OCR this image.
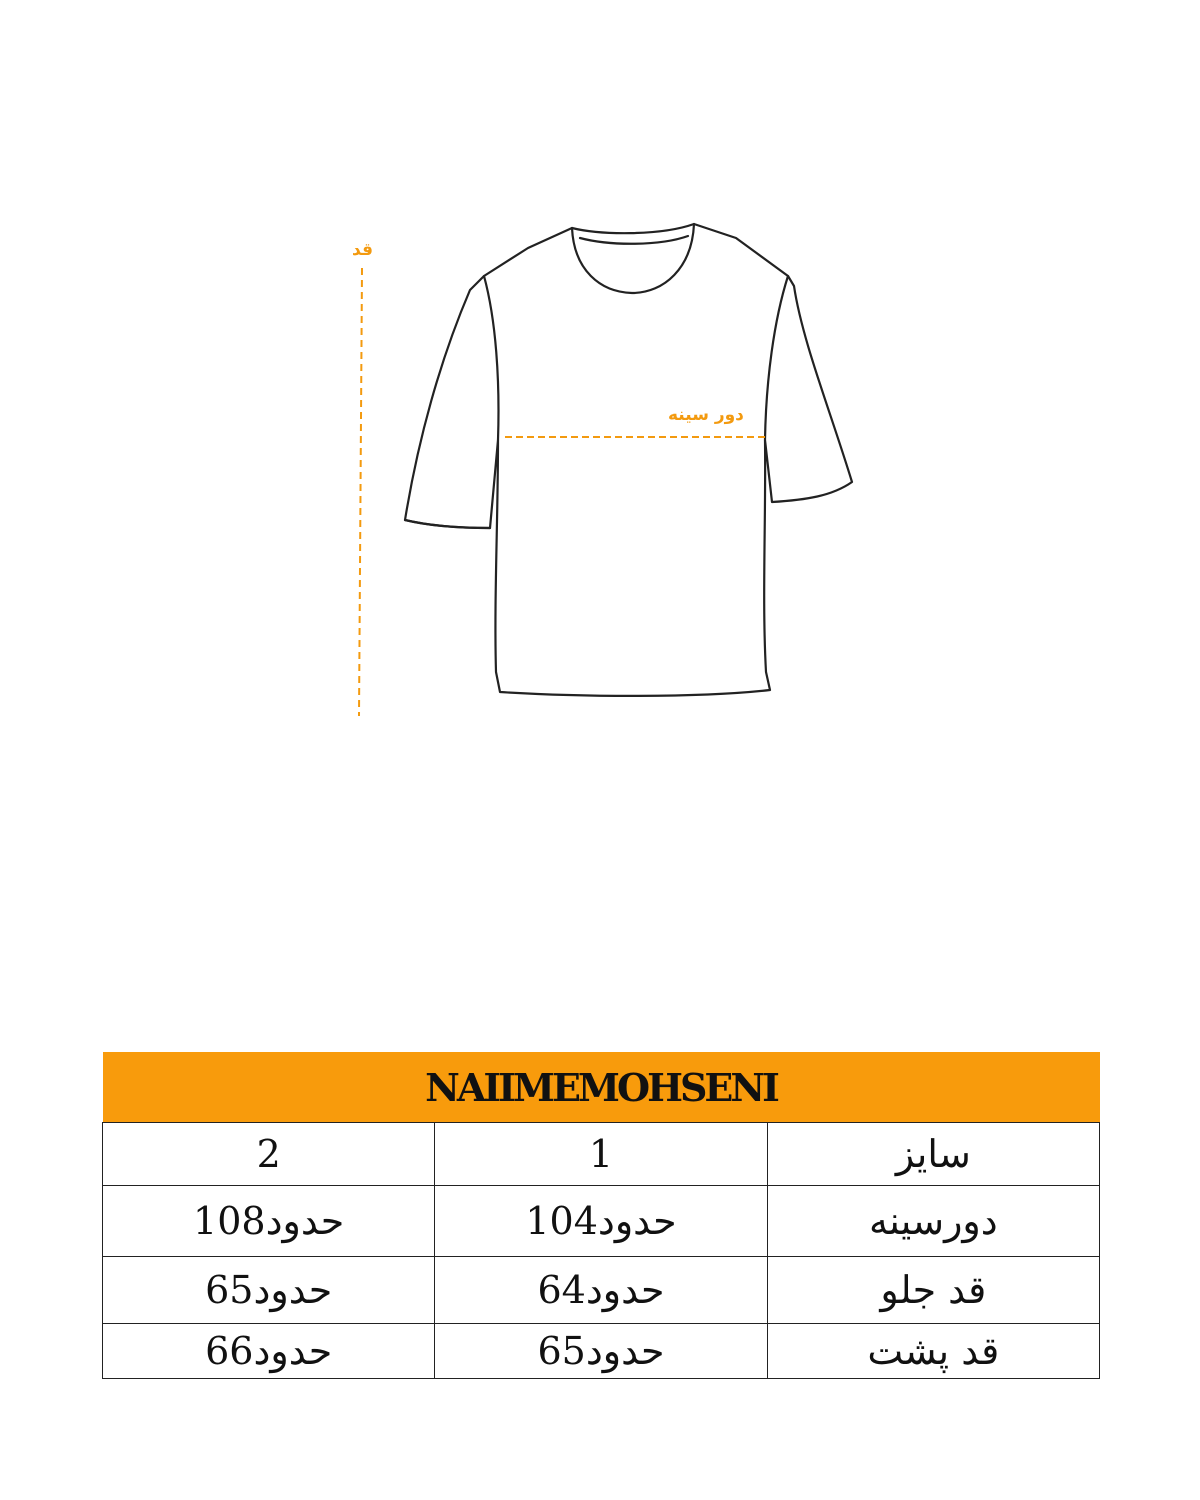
قد
دور سینه
NAIIMEMOHSENI		
2	1	سایز
حدود108	حدود104	دورسینه
حدود65	حدود64	قد جلو
حدود66	حدود65	قد پشت
